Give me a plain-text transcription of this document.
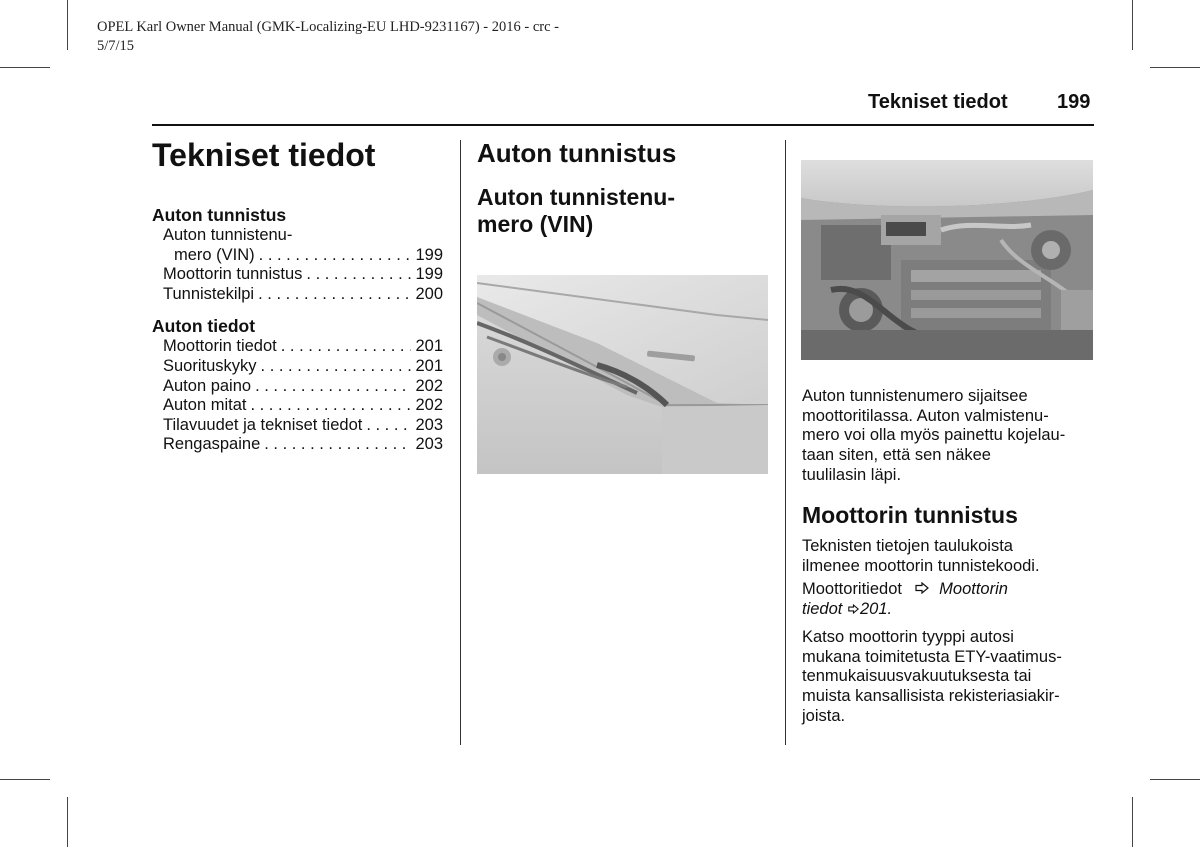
OPEL Karl Owner Manual (GMK-Localizing-EU LHD-9231167) - 2016 - crc -
5/7/15
Tekniset tiedot 199
Tekniset tiedot
Auton tunnistus
Auton tunnistenu-
mero (VIN) . . .	199
Moottorin tunnistus . . .	199
Tunnistekilpi . . .	200
Auton tiedot
Moottorin tiedot . . .	201
Suorituskyky . . .	201
Auton paino . . .	202
Auton mitat . . .	202
Tilavuudet ja tekniset tiedot . . .	203
Rengaspaine . . .	203
Auton tunnistus
Auton tunnistenu-
mero (VIN)
Auton tunnistenumero sijaitsee
moottoritilassa. Auton valmistenu-
mero voi olla myös painettu kojelau-
taan siten, että sen näkee
tuulilasin läpi.
Moottorin tunnistus
Teknisten tietojen taulukoista
ilmenee moottorin tunnistekoodi.
Moottoritiedot Moottorin
tiedot 201.
Katso moottorin tyyppi autosi
mukana toimitetusta ETY-vaatimus-
tenmukaisuusvakuutuksesta tai
muista kansallisista rekisteriasiakir-
joista.
